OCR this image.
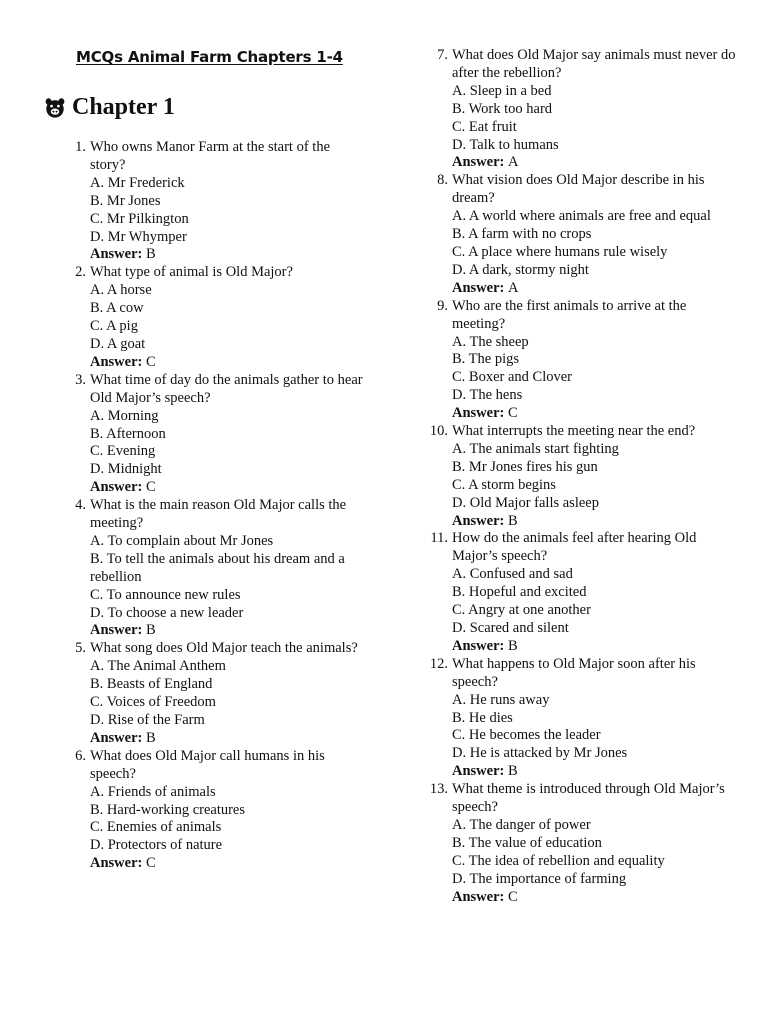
MCQs Animal Farm Chapters 1-4
Chapter 1
1. Who owns Manor Farm at the start of the story?
A. Mr Frederick
B. Mr Jones
C. Mr Pilkington
D. Mr Whymper
Answer: B
2. What type of animal is Old Major?
A. A horse
B. A cow
C. A pig
D. A goat
Answer: C
3. What time of day do the animals gather to hear Old Major’s speech?
A. Morning
B. Afternoon
C. Evening
D. Midnight
Answer: C
4. What is the main reason Old Major calls the meeting?
A. To complain about Mr Jones
B. To tell the animals about his dream and a rebellion
C. To announce new rules
D. To choose a new leader
Answer: B
5. What song does Old Major teach the animals?
A. The Animal Anthem
B. Beasts of England
C. Voices of Freedom
D. Rise of the Farm
Answer: B
6. What does Old Major call humans in his speech?
A. Friends of animals
B. Hard-working creatures
C. Enemies of animals
D. Protectors of nature
Answer: C
7. What does Old Major say animals must never do after the rebellion?
A. Sleep in a bed
B. Work too hard
C. Eat fruit
D. Talk to humans
Answer: A
8. What vision does Old Major describe in his dream?
A. A world where animals are free and equal
B. A farm with no crops
C. A place where humans rule wisely
D. A dark, stormy night
Answer: A
9. Who are the first animals to arrive at the meeting?
A. The sheep
B. The pigs
C. Boxer and Clover
D. The hens
Answer: C
10. What interrupts the meeting near the end?
A. The animals start fighting
B. Mr Jones fires his gun
C. A storm begins
D. Old Major falls asleep
Answer: B
11. How do the animals feel after hearing Old Major’s speech?
A. Confused and sad
B. Hopeful and excited
C. Angry at one another
D. Scared and silent
Answer: B
12. What happens to Old Major soon after his speech?
A. He runs away
B. He dies
C. He becomes the leader
D. He is attacked by Mr Jones
Answer: B
13. What theme is introduced through Old Major’s speech?
A. The danger of power
B. The value of education
C. The idea of rebellion and equality
D. The importance of farming
Answer: C
